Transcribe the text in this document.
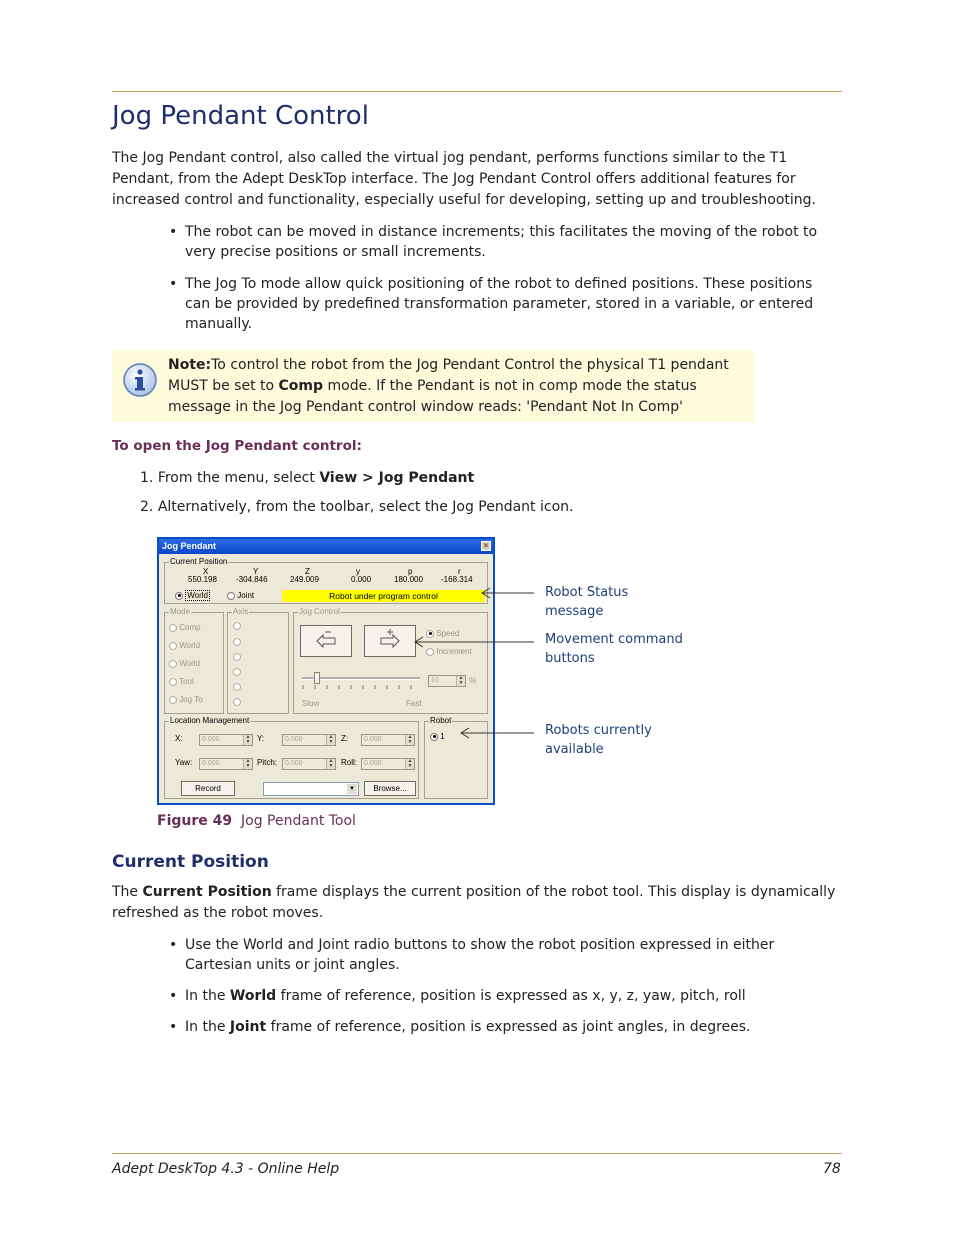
Jog Pendant Control
The Jog Pendant control, also called the virtual jog pendant, performs functions similar to the T1
Pendant, from the Adept DeskTop interface. The Jog Pendant Control offers additional features for
increased control and functionality, especially useful for developing, setting up and troubleshooting.
• The robot can be moved in distance increments; this facilitates the moving of the robot to
very precise positions or small increments.
• The Jog To mode allow quick positioning of the robot to defined positions. These positions
can be provided by predefined transformation parameter, stored in a variable, or entered
manually.
Note:To control the robot from the Jog Pendant Control the physical T1 pendant
MUST be set to Comp mode. If the Pendant is not in comp mode the status
message in the Jog Pendant control window reads: 'Pendant Not In Comp'
To open the Jog Pendant control:
1. From the menu, select View > Jog Pendant
2. Alternatively, from the toolbar, select the Jog Pendant icon.
Jog Pendant	×
Current Position
X	Y	Z	y	p	r
550.198 -304.846	249.009	0.000	180.000 -168.314
World	Joint	Robot under program control
Mode
Comp
World
World
Tool
Jog To
Axis	Jog Control
Speed
Increment
Slow	Fast
10	▲
▼ %
Location Management
X:	0.000	▲
▼ Y:	0.000	▲
▼ Z:	0.000	▲
▼
Yaw:	0.000	▲
▼ Pitch:	0.000	▲
▼ Roll: 0.000	▲
▼
Record	▼	Browse...
Robot
1
Robot Status
message
Movement command
buttons
Robots currently
available
Figure 49 Jog Pendant Tool
Current Position
The Current Position frame displays the current position of the robot tool. This display is dynamically
refreshed as the robot moves.
• Use the World and Joint radio buttons to show the robot position expressed in either
Cartesian units or joint angles.
• In the World frame of reference, position is expressed as x, y, z, yaw, pitch, roll
• In the Joint frame of reference, position is expressed as joint angles, in degrees.
Adept DeskTop 4.3 - Online Help	78
